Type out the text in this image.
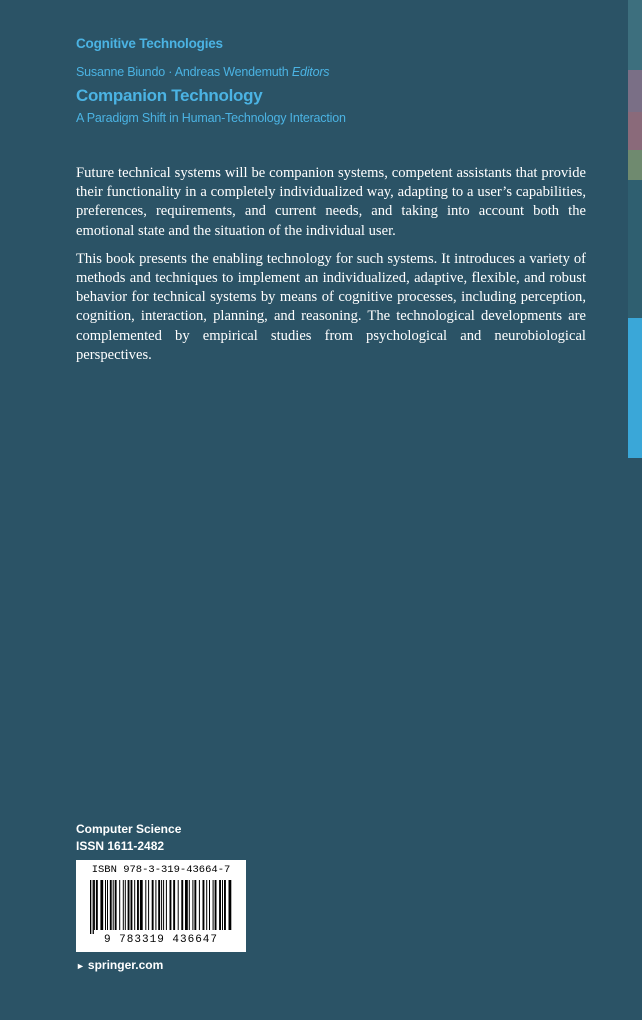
Cognitive Technologies
Susanne Biundo · Andreas Wendemuth Editors
Companion Technology
A Paradigm Shift in Human-Technology Interaction

Future technical systems will be companion systems, competent assistants that provide their functionality in a completely individualized way, adapting to a user’s capabilities, preferences, requirements, and current needs, and taking into account both the emotional state and the situation of the individual user.

This book presents the enabling technology for such systems. It introduces a variety of methods and techniques to implement an individualized, adaptive, flexible, and robust behavior for technical systems by means of cognitive processes, including perception, cognition, interaction, planning, and reasoning. The technological developments are complemented by empirical studies from psychological and neurobiological perspectives.

Computer Science
ISSN 1611-2482
ISBN 978-3-319-43664-7
9 783319 436647
► springer.com
